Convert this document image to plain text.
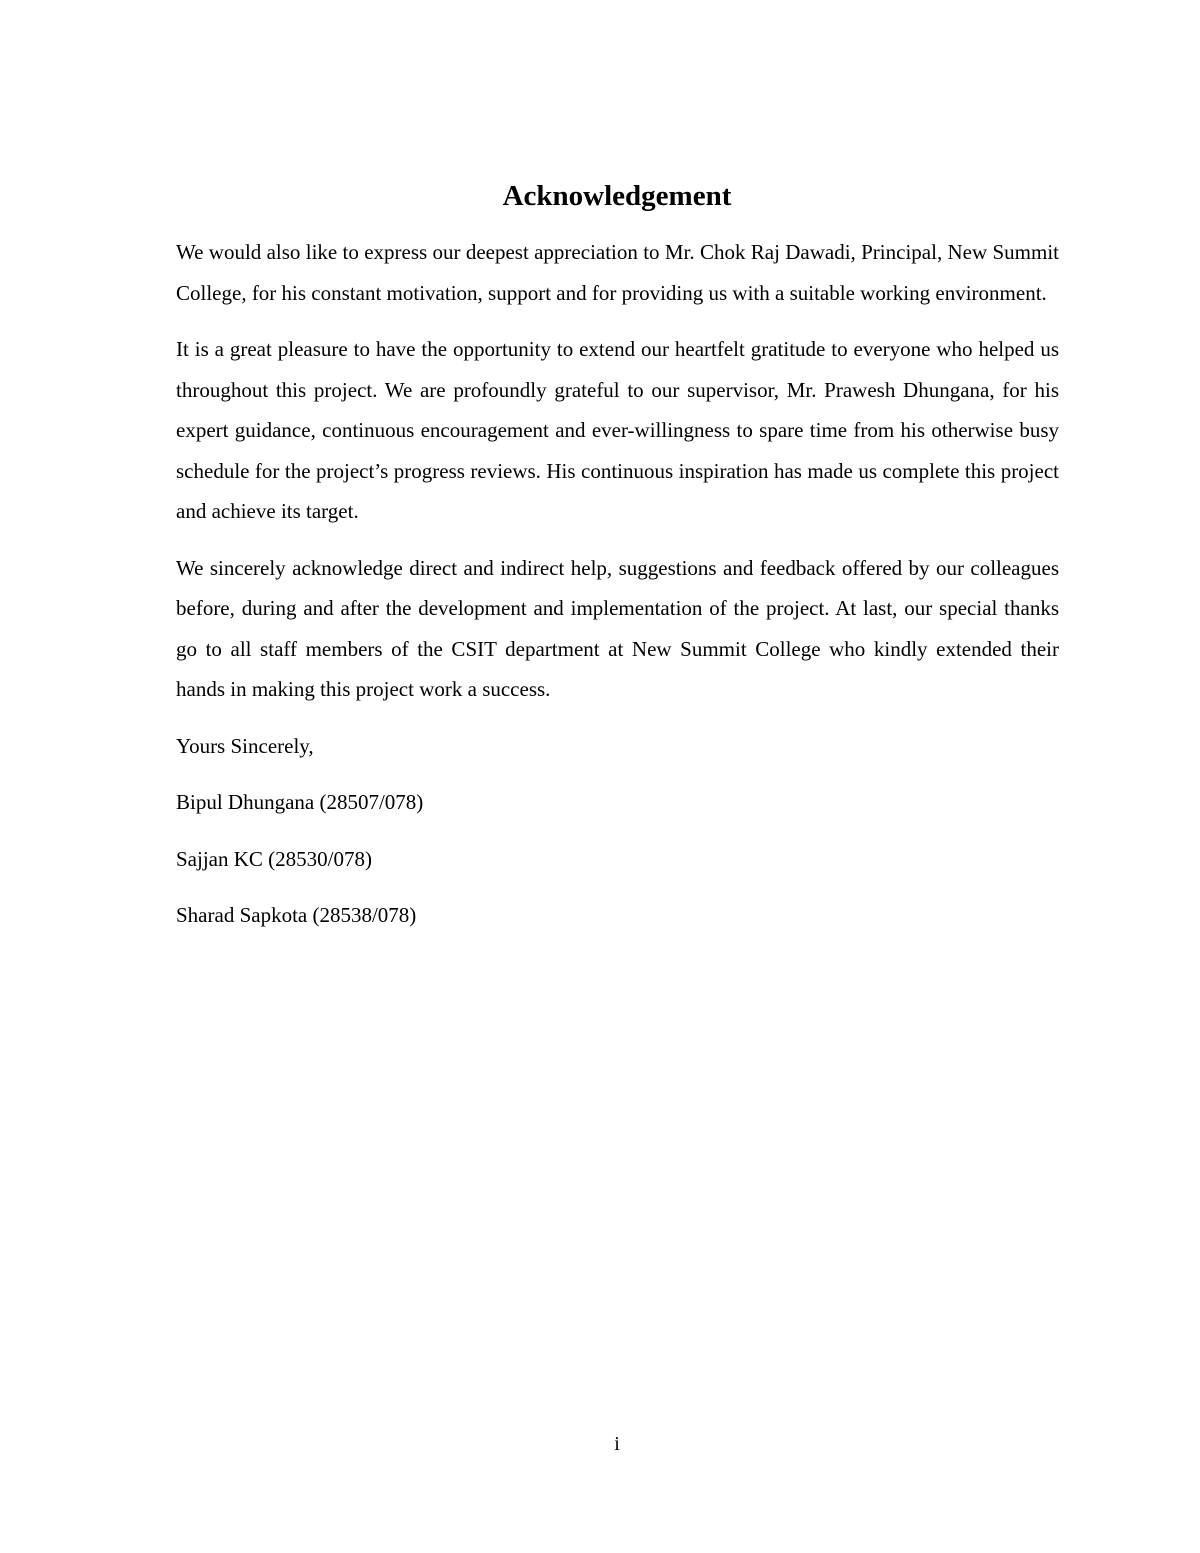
Acknowledgement

We would also like to express our deepest appreciation to Mr. Chok Raj Dawadi, Principal, New Summit College, for his constant motivation, support and for providing us with a suitable working environment.

It is a great pleasure to have the opportunity to extend our heartfelt gratitude to everyone who helped us throughout this project. We are profoundly grateful to our supervisor, Mr. Prawesh Dhungana, for his expert guidance, continuous encouragement and ever-willingness to spare time from his otherwise busy schedule for the project’s progress reviews. His continuous inspiration has made us complete this project and achieve its target.

We sincerely acknowledge direct and indirect help, suggestions and feedback offered by our colleagues before, during and after the development and implementation of the project. At last, our special thanks go to all staff members of the CSIT department at New Summit College who kindly extended their hands in making this project work a success.

Yours Sincerely,

Bipul Dhungana (28507/078)

Sajjan KC (28530/078)

Sharad Sapkota (28538/078)

i
